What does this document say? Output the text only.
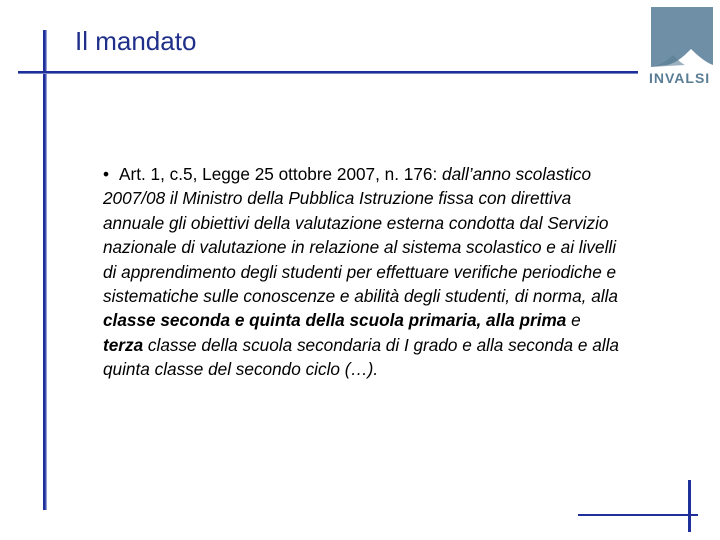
Il mandato
INVALSI

• Art. 1, c.5, Legge 25 ottobre 2007, n. 176: dall’anno scolastico 2007/08 il Ministro della Pubblica Istruzione fissa con direttiva annuale gli obiettivi della valutazione esterna condotta dal Servizio nazionale di valutazione in relazione al sistema scolastico e ai livelli di apprendimento degli studenti per effettuare verifiche periodiche e sistematiche sulle conoscenze e abilità degli studenti, di norma, alla classe seconda e quinta della scuola primaria, alla prima e terza classe della scuola secondaria di I grado e alla seconda e alla quinta classe del secondo ciclo (…).
